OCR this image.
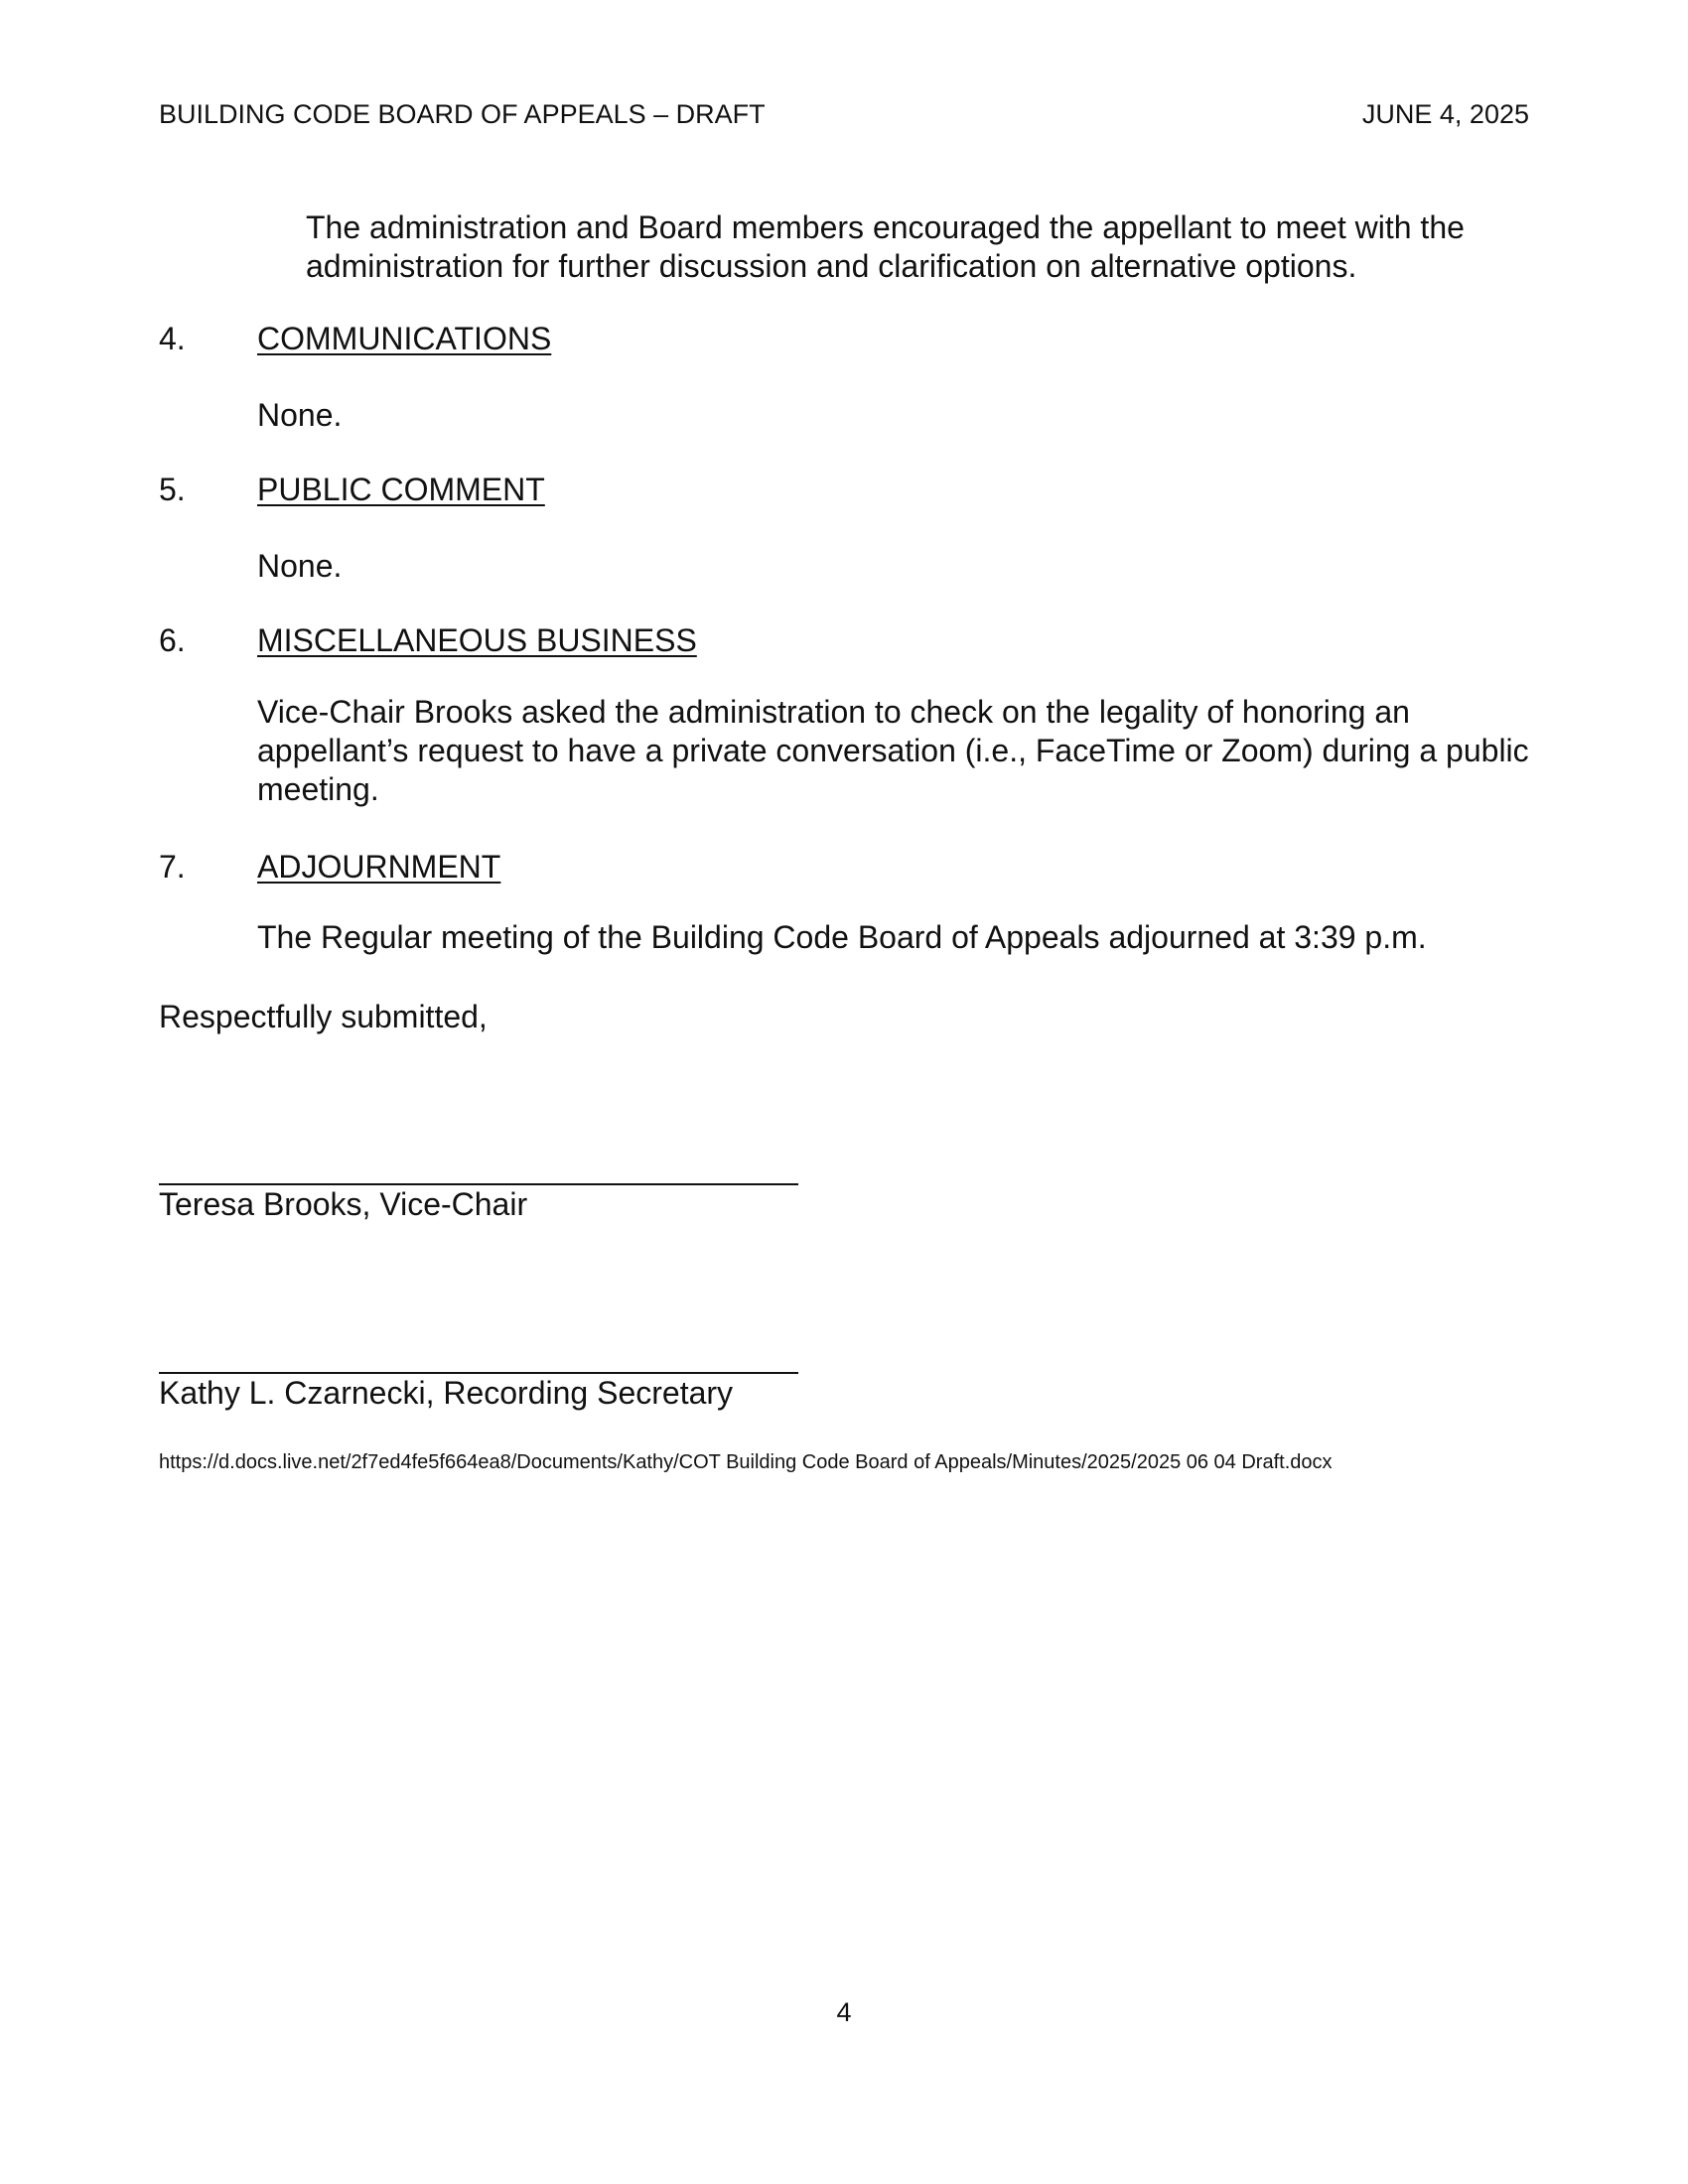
BUILDING CODE BOARD OF APPEALS – DRAFT	JUNE 4, 2025
The administration and Board members encouraged the appellant to meet with the administration for further discussion and clarification on alternative options.
4. COMMUNICATIONS
None.
5. PUBLIC COMMENT
None.
6. MISCELLANEOUS BUSINESS
Vice-Chair Brooks asked the administration to check on the legality of honoring an appellant’s request to have a private conversation (i.e., FaceTime or Zoom) during a public meeting.
7. ADJOURNMENT
The Regular meeting of the Building Code Board of Appeals adjourned at 3:39 p.m.
Respectfully submitted,
Teresa Brooks, Vice-Chair
Kathy L. Czarnecki, Recording Secretary
https://d.docs.live.net/2f7ed4fe5f664ea8/Documents/Kathy/COT Building Code Board of Appeals/Minutes/2025/2025 06 04 Draft.docx
4
